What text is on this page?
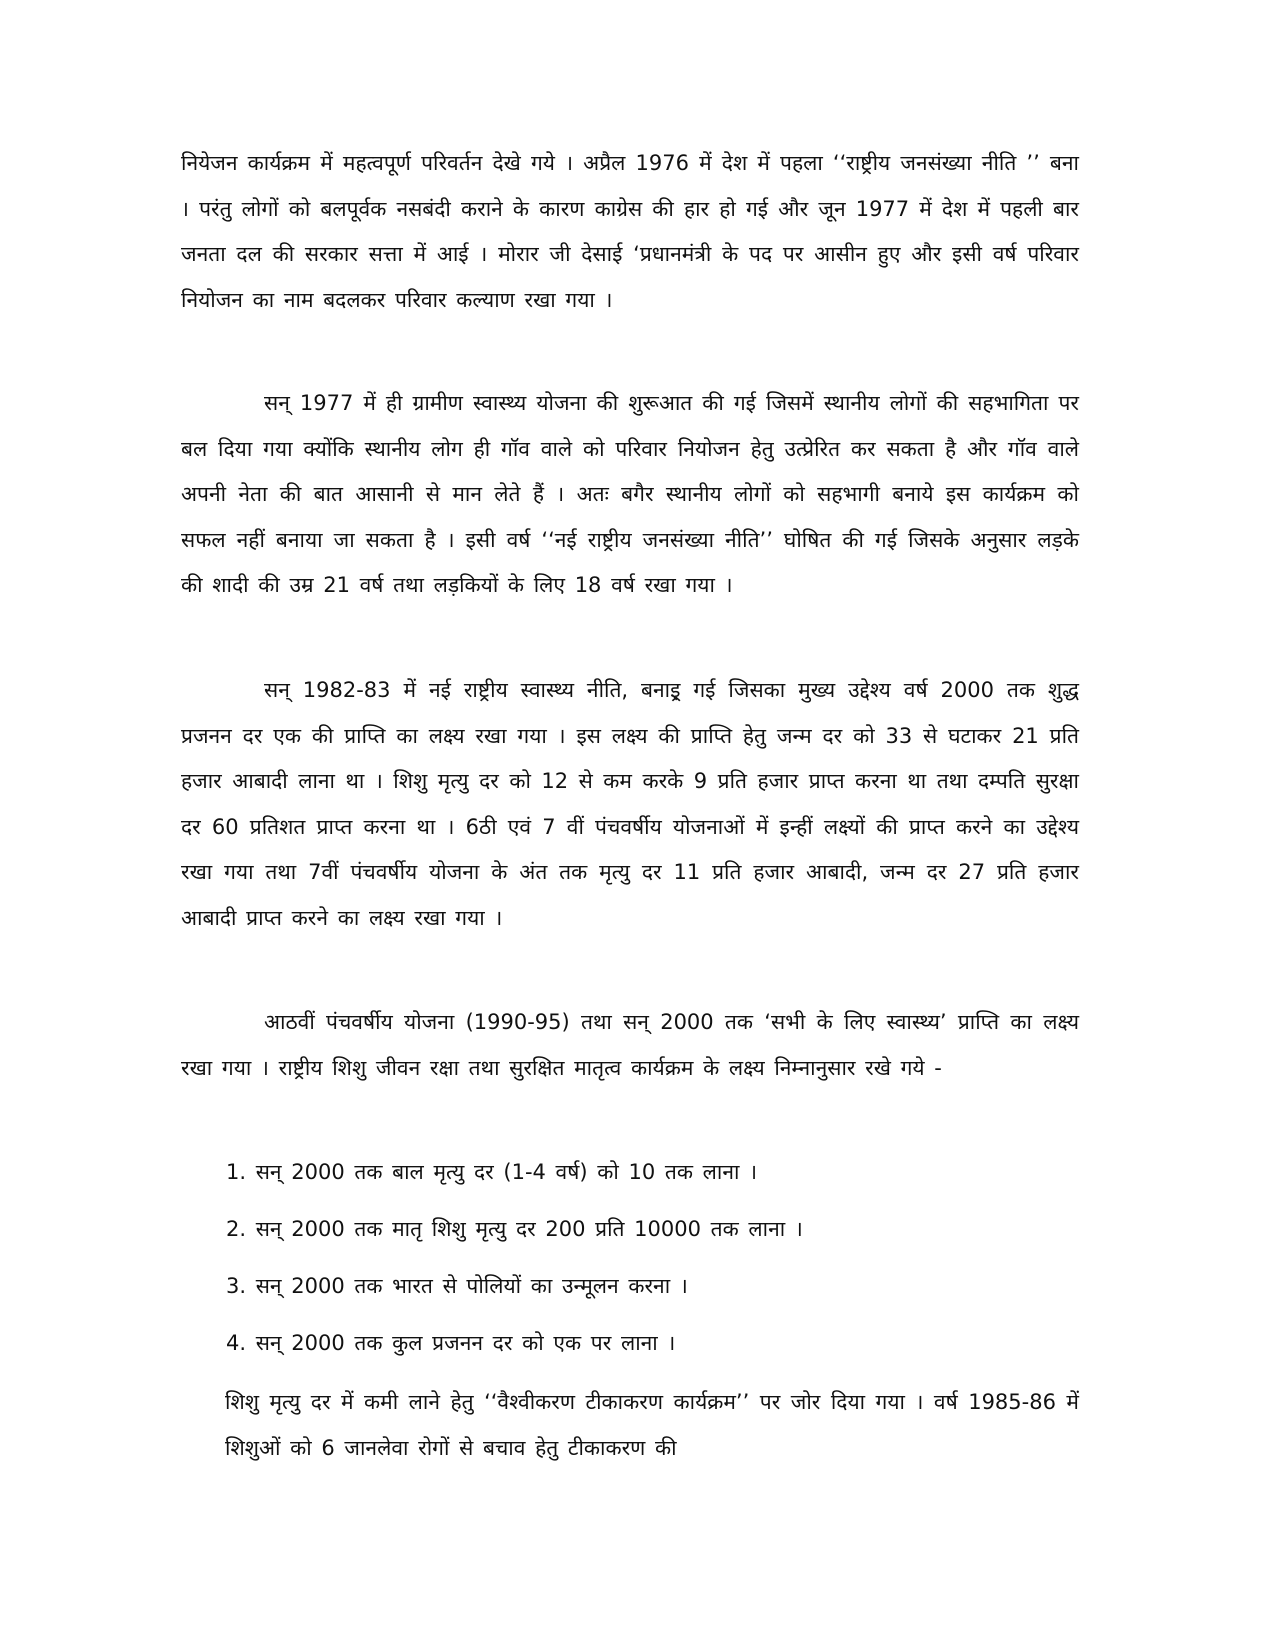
नियेजन कार्यक्रम में महत्वपूर्ण परिवर्तन देखे गये । अप्रैल 1976 में देश में पहला ‘‘राष्ट्रीय जनसंख्या नीति ’’ बना । परंतु लोगों को बलपूर्वक नसबंदी कराने के कारण काग्रेस की हार हो गई और जून 1977 में देश में पहली बार जनता दल की सरकार सत्ता में आई । मोरार जी देसाई ‘प्रधानमंत्री के पद पर आसीन हुए और इसी वर्ष परिवार नियोजन का नाम बदलकर परिवार कल्याण रखा गया ।

सन् 1977 में ही ग्रामीण स्वास्थ्य योजना की शुरूआत की गई जिसमें स्थानीय लोगों की सहभागिता पर बल दिया गया क्योंकि स्थानीय लोग ही गॉव वाले को परिवार नियोजन हेतु उत्प्रेरित कर सकता है और गॉव वाले अपनी नेता की बात आसानी से मान लेते हैं । अतः बगैर स्थानीय लोगों को सहभागी बनाये इस कार्यक्रम को सफल नहीं बनाया जा सकता है । इसी वर्ष ‘‘नई राष्ट्रीय जनसंख्या नीति’’ घोषित की गई जिसके अनुसार लड़के की शादी की उम्र 21 वर्ष तथा लड़कियों के लिए 18 वर्ष रखा गया ।

सन् 1982-83 में नई राष्ट्रीय स्वास्थ्य नीति, बनाइ्र गई जिसका मुख्य उद्देश्य वर्ष 2000 तक शुद्ध प्रजनन दर एक की प्राप्ति का लक्ष्य रखा गया । इस लक्ष्य की प्राप्ति हेतु जन्म दर को 33 से घटाकर 21 प्रति हजार आबादी लाना था । शिशु मृत्यु दर को 12 से कम करके 9 प्रति हजार प्राप्त करना था तथा दम्पति सुरक्षा दर 60 प्रतिशत प्राप्त करना था । 6ठी एवं 7 वीं पंचवर्षीय योजनाओं में इन्हीं लक्ष्यों की प्राप्त करने का उद्देश्य रखा गया तथा 7वीं पंचवर्षीय योजना के अंत तक मृत्यु दर 11 प्रति हजार आबादी, जन्म दर 27 प्रति हजार आबादी प्राप्त करने का लक्ष्य रखा गया ।

आठवीं पंचवर्षीय योजना (1990-95) तथा सन् 2000 तक ‘सभी के लिए स्वास्थ्य’ प्राप्ति का लक्ष्य रखा गया । राष्ट्रीय शिशु जीवन रक्षा तथा सुरक्षित मातृत्व कार्यक्रम के लक्ष्य निम्नानुसार रखे गये -

1. सन् 2000 तक बाल मृत्यु दर (1-4 वर्ष) को 10 तक लाना ।
2. सन् 2000 तक मातृ शिशु मृत्यु दर 200 प्रति 10000 तक लाना ।
3. सन् 2000 तक भारत से पोलियों का उन्मूलन करना ।
4. सन् 2000 तक कुल प्रजनन दर को एक पर लाना ।

शिशु मृत्यु दर में कमी लाने हेतु ‘‘वैश्वीकरण टीकाकरण कार्यक्रम’’ पर जोर दिया गया । वर्ष 1985-86 में शिशुओं को 6 जानलेवा रोगों से बचाव हेतु टीकाकरण की
